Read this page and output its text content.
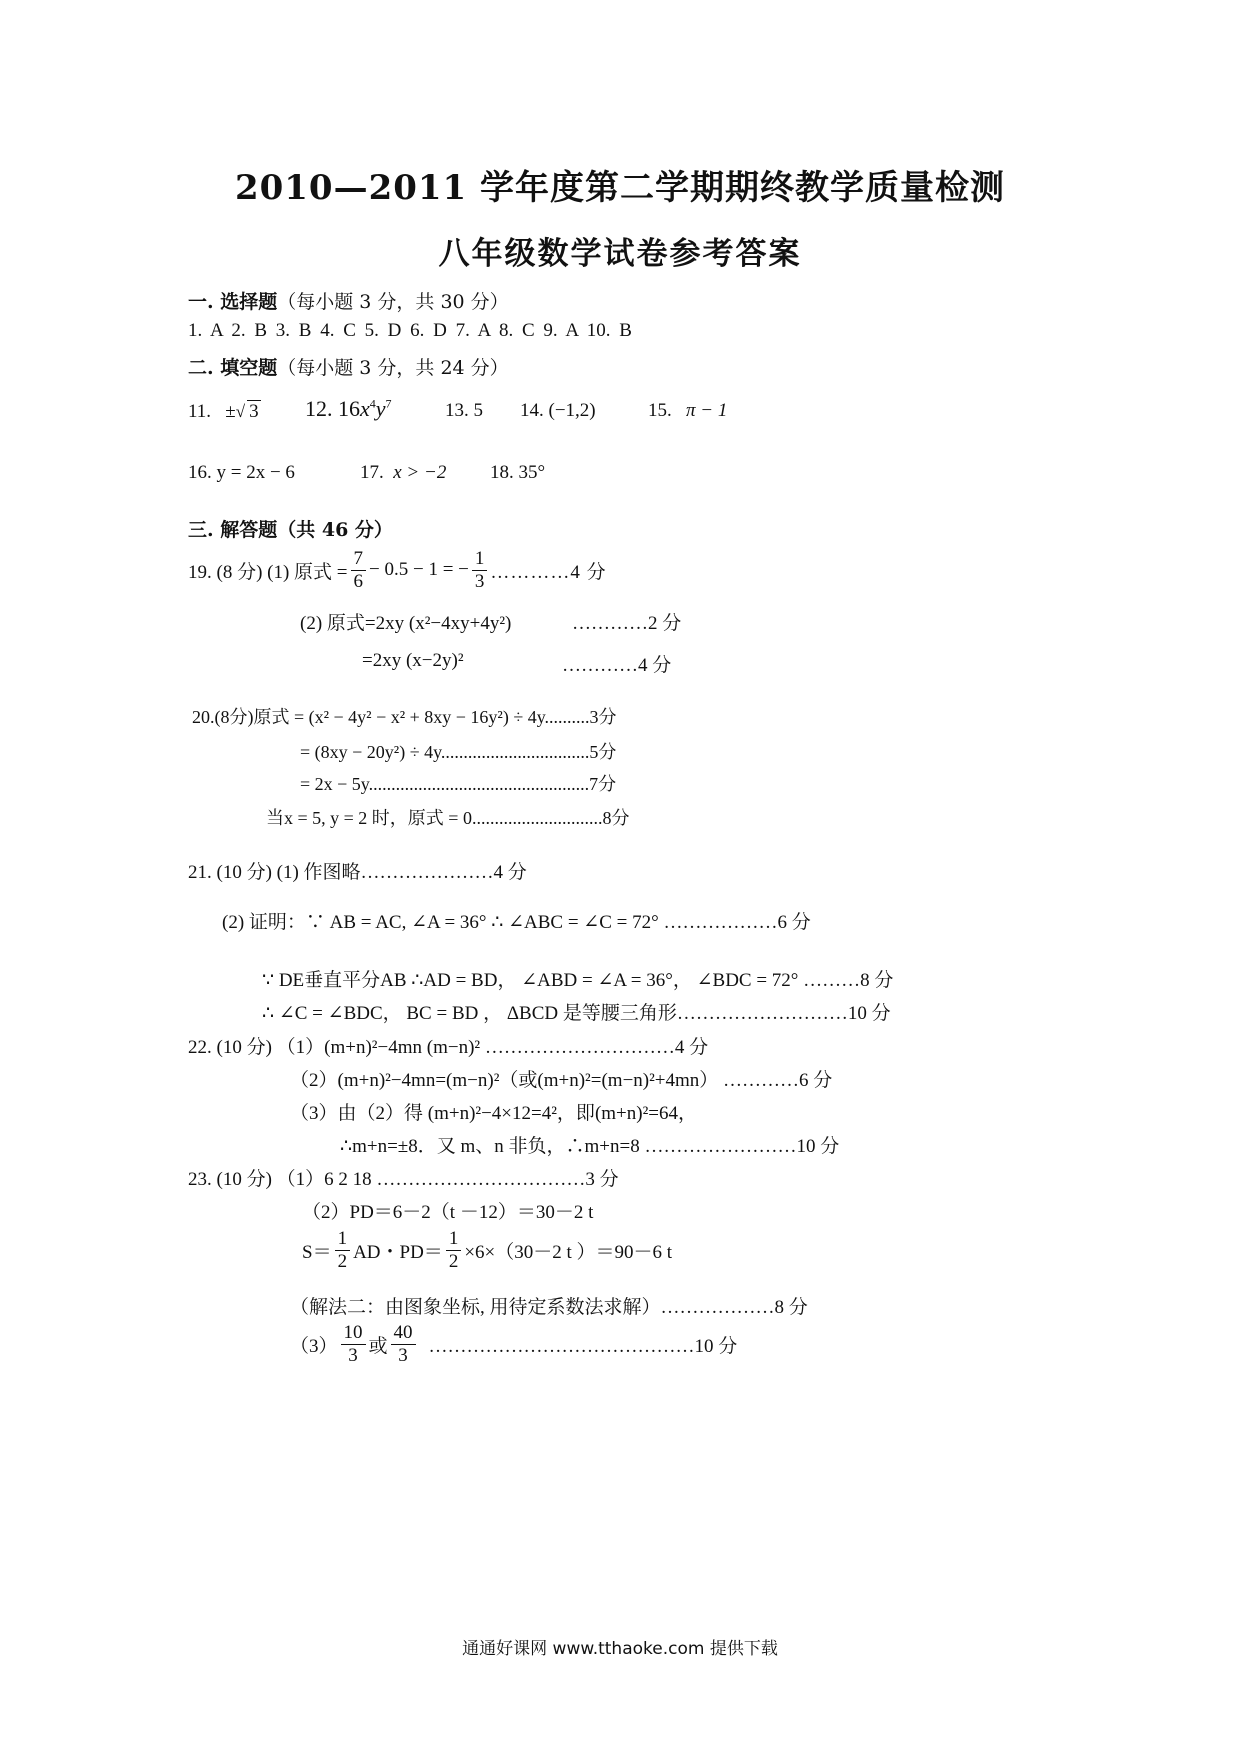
2010—2011 学年度第二学期期终教学质量检测
八年级数学试卷参考答案
一. 选择题（每小题 3 分，共 30 分）
1. A 2. B 3. B 4. C 5. D 6. D 7. A 8. C 9. A 10. B
二. 填空题（每小题 3 分，共 24 分）
11. ±√ 3 12. $16x^4y^7$	13. 5 14. (−1,2)	15. π − 1
16. y = 2x − 6	17. x > −2 18. 35°
三. 解答题（共 46 分）
19. (8 分) (1) 原式 = $\frac{7}{6} - 0.5 - 1$ = − $\frac{1}{3}$ …………4 分
(2) 原式=2xy (x²−4xy+4y²)	…………2 分
=2xy (x−2y)²	…………4 分
20.(8分)原式 = (x² − 4y² − x² + 8xy − 16y²) ÷ 4y..........3分
= (8xy − 20y²) ÷ 4y.................................5分
= 2x − 5y.................................................7分
当x = 5, y = 2 时，原式 = 0.............................8分
21. (10 分) (1) 作图略…………………4 分
(2) 证明：∵ AB = AC, ∠A = 36° ∴ ∠ABC = ∠C = 72° ………………6 分
∵ DE垂直平分AB ∴AD = BD， ∠ABD = ∠A = 36°， ∠BDC = 72° ………8 分
∴ ∠C = ∠BDC， BC = BD ， ΔBCD 是等腰三角形………………………10 分
22. (10 分) （1）(m+n)²−4mn (m−n)² …………………………4 分
（2）(m+n)²−4mn=(m−n)²（或(m+n)²=(m−n)²+4mn） …………6 分
（3）由（2）得 (m+n)²−4×12=4²，即(m+n)²=64，
∴m+n=±8．又 m、n 非负，∴m+n=8 ……………………10 分
23. (10 分) （1）6 2 18 ……………………………3 分
（2）PD＝6－2（t －12）＝30－2 t
$S= \frac{1}{2}$ AD・$PD= \frac{1}{2} \times 6\times(30-2$ t ）＝90－6 t
（解法二：由图象坐标, 用待定系数法求解）………………8 分
$(3) \frac{10}{3}$ 或 $\frac{40}{3}$ ……………………………………10 分
通通好课网 www.tthaoke.com 提供下载
